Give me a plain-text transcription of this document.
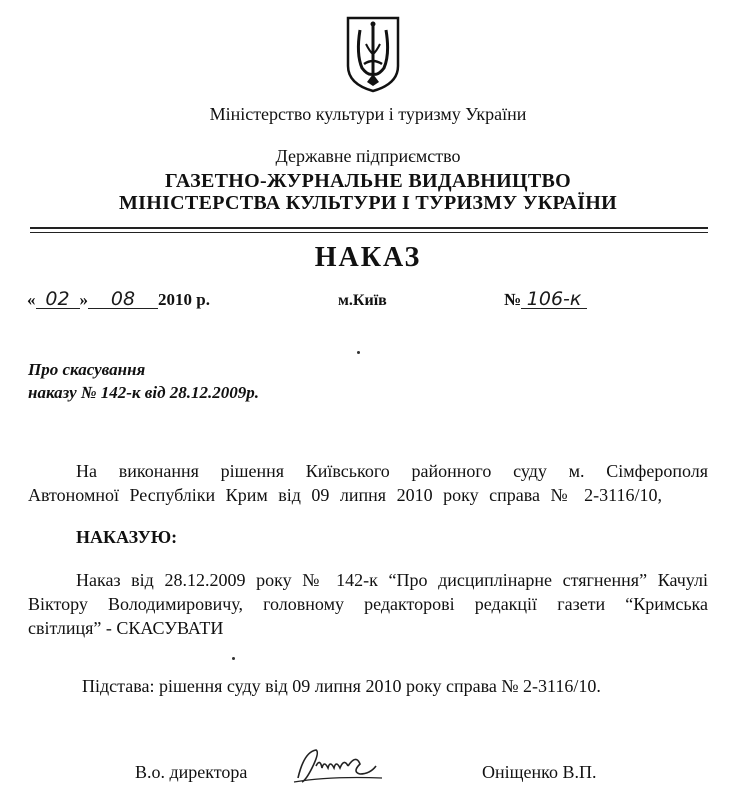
Міністерство культури і туризму України
Державне підприємство
ГАЗЕТНО-ЖУРНАЛЬНЕ ВИДАВНИЦТВО
МІНІСТЕРСТВА КУЛЬТУРИ І ТУРИЗМУ УКРАЇНИ
НАКАЗ
« 02 » 08 2010 р.	м.Київ	№ 106-к
Про скасування
наказу № 142-к від 28.12.2009р.
На виконання рішення Київського районного суду м. Сімферополя
Автономної Республіки Крим від 09 липня 2010 року справа № 2-3116/10,
НАКАЗУЮ:
Наказ від 28.12.2009 року № 142-к “Про дисциплінарне стягнення” Качулі
Віктору Володимировичу, головному редакторові редакції газети “Кримська
світлиця” - СКАСУВАТИ
Підстава: рішення суду від 09 липня 2010 року справа № 2-3116/10.
В.о. директора	Оніщенко В.П.
